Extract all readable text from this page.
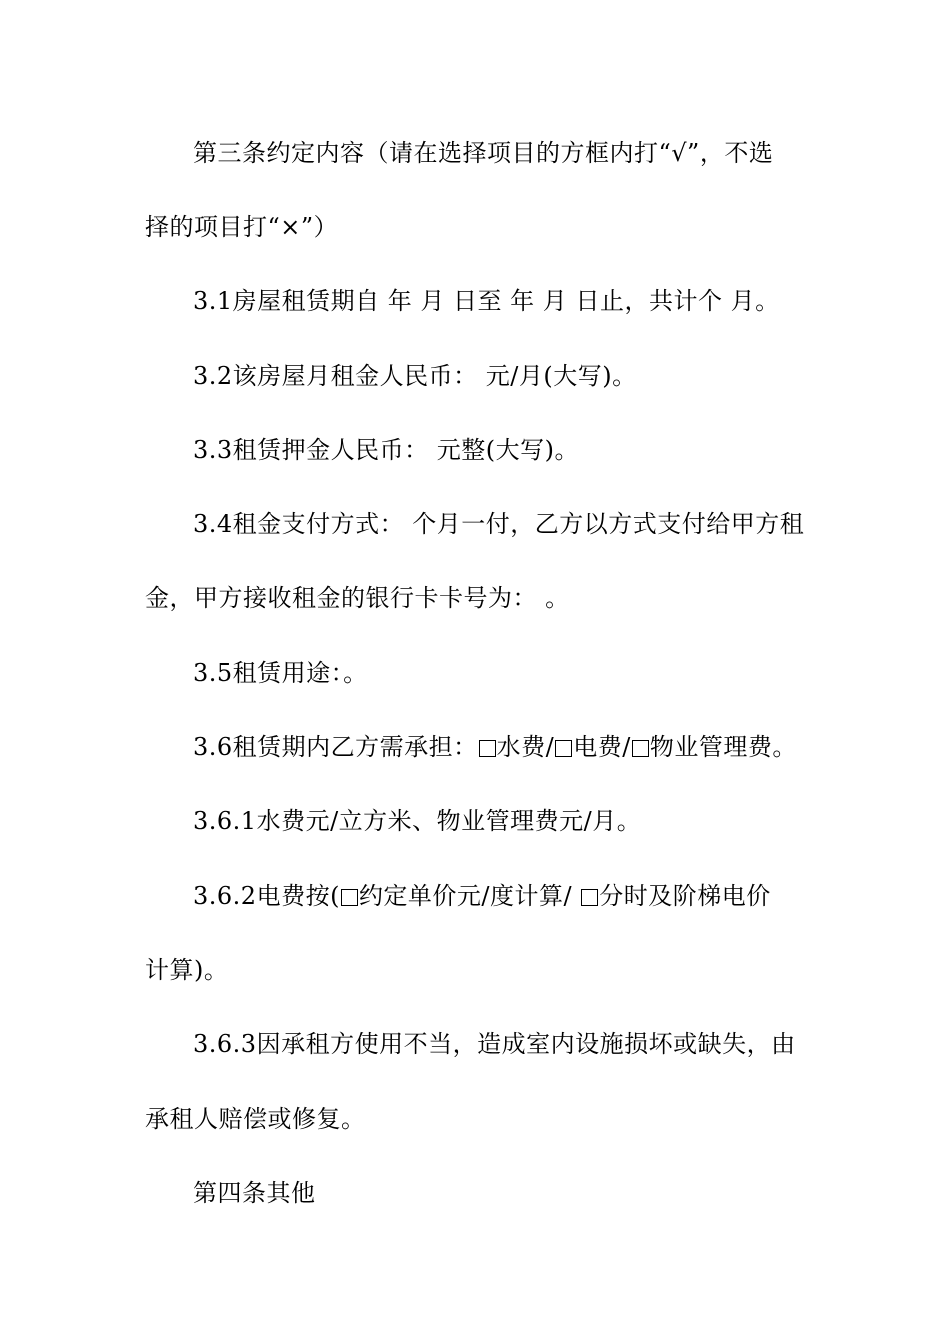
第三条约定内容（请在选择项目的方框内打“√”，不选
择的项目打“×”）
3.1房屋租赁期自 年 月 日至 年 月 日止，共计个 月。
3.2该房屋月租金人民币： 元/月(大写)。
3.3租赁押金人民币： 元整(大写)。
3.4租金支付方式： 个月一付，乙方以方式支付给甲方租
金，甲方接收租金的银行卡卡号为： 。
3.5租赁用途：。
3.6租赁期内乙方需承担： 水费/ 电费/ 物业管理费。
3.6.1水费元/立方米、物业管理费元/月。
3.6.2电费按( 约定单价元/度计算/ 分时及阶梯电价
计算)。
3.6.3因承租方使用不当，造成室内设施损坏或缺失，由
承租人赔偿或修复。
第四条其他
